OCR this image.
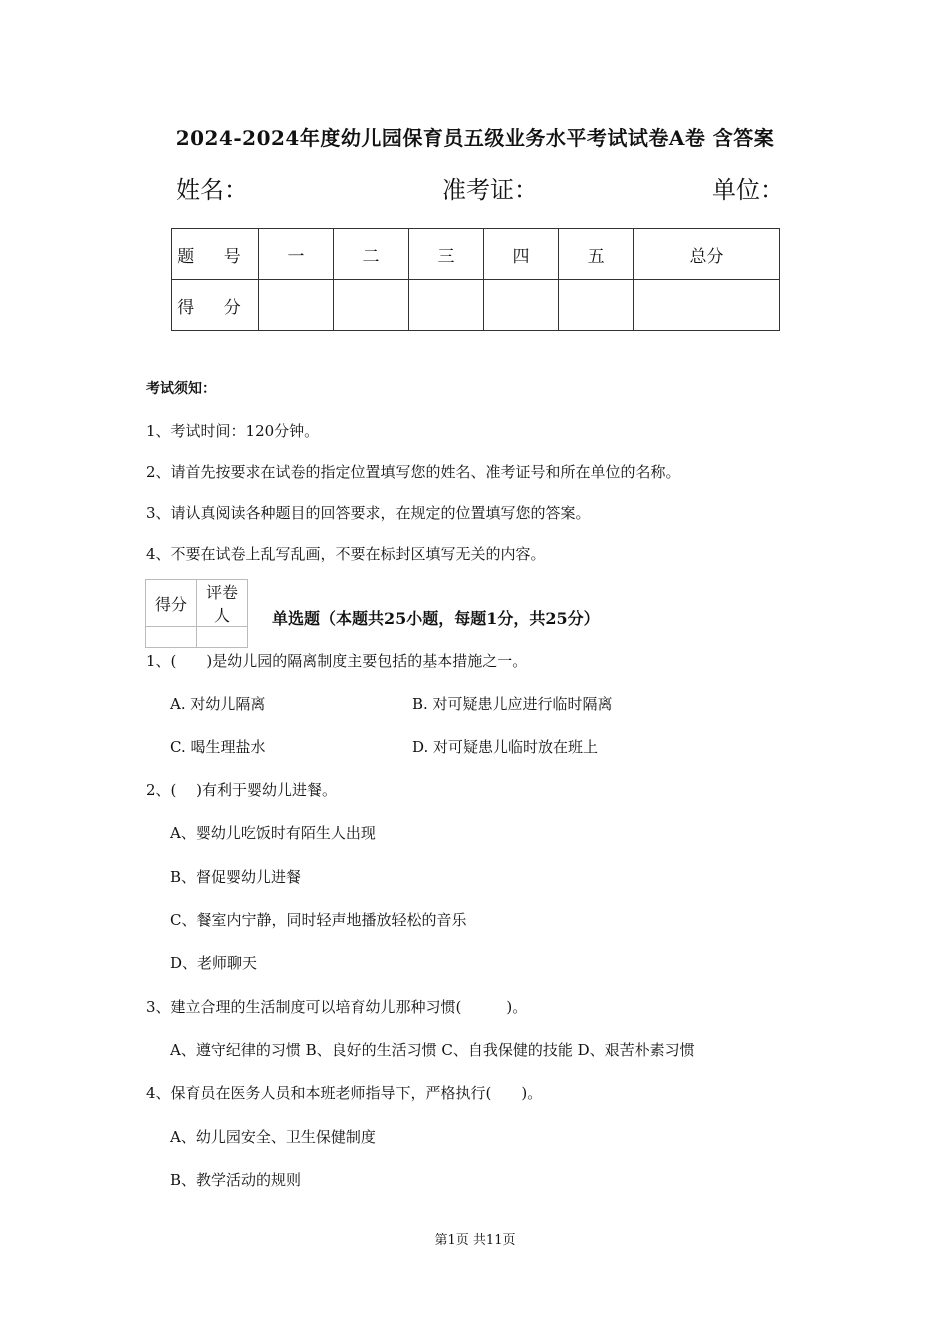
2024-2024年度幼儿园保育员五级业务水平考试试卷A卷 含答案
姓名：	准考证：	单位：
题 号	一	二	三	四	五	总分
得 分						
考试须知：
1、考试时间：120分钟。
2、请首先按要求在试卷的指定位置填写您的姓名、准考证号和所在单位的名称。
3、请认真阅读各种题目的回答要求，在规定的位置填写您的答案。
4、不要在试卷上乱写乱画，不要在标封区填写无关的内容。
得分	评卷人
		单选题（本题共25小题，每题1分，共25分）
1、(　　)是幼儿园的隔离制度主要包括的基本措施之一。
A. 对幼儿隔离	B. 对可疑患儿应进行临时隔离
C. 喝生理盐水	D. 对可疑患儿临时放在班上
2、(　 )有利于婴幼儿进餐。
A、婴幼儿吃饭时有陌生人出现
B、督促婴幼儿进餐
C、餐室内宁静，同时轻声地播放轻松的音乐
D、老师聊天
3、建立合理的生活制度可以培育幼儿那种习惯(　　　)。
A、遵守纪律的习惯 B、良好的生活习惯 C、自我保健的技能 D、艰苦朴素习惯
4、保育员在医务人员和本班老师指导下，严格执行(　　)。
A、幼儿园安全、卫生保健制度
B、教学活动的规则
第1页 共11页
